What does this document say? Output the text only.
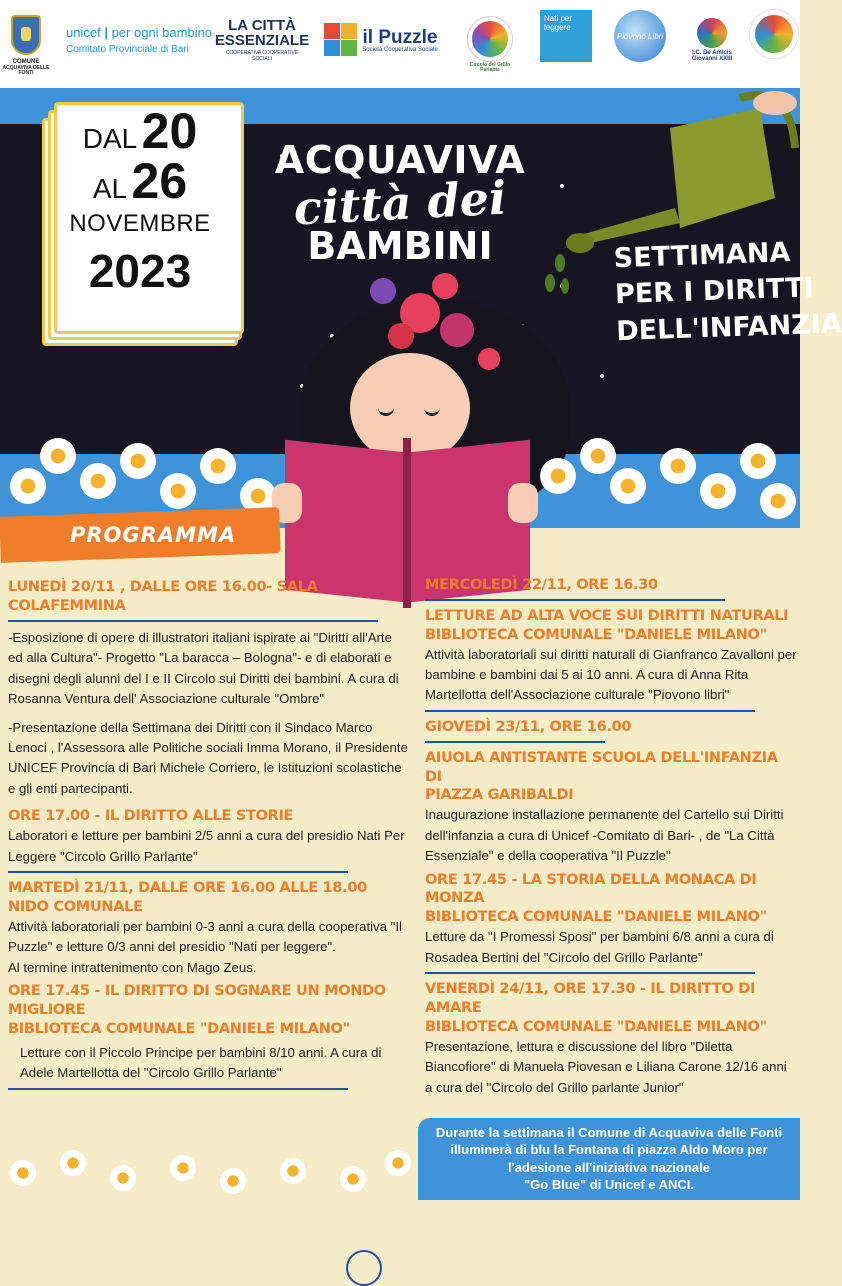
COMUNE
ACQUAVIVA DELLE FONTI
unicef | per ogni bambino
Comitato Provinciale di Bari
LA CITTÀ
ESSENZIALE
COOPERATIVA COOPERATIVE SOCIALI
il Puzzle
Società Cooperativa Sociale
Circolo del Grillo Parlante
Nati per leggere
Piovono Libri
I.C. De Amicis Giovanni XXIII
DAL 20
AL 26
NOVEMBRE
2023
ACQUAVIVA
città dei
BAMBINI	SETTIMANA
PER I DIRITTI
DELL'INFANZIA
PROGRAMMA
LUNEDÌ 20/11 , DALLE ORE 16.00- SALA COLAFEMMINA
-Esposizione di opere di illustratori italiani ispirate ai "Diritti all'Arte ed alla Cultura"- Progetto "La baracca – Bologna"- e di elaborati e disegni degli alunni del I e II Circolo sui Diritti dei bambini. A cura di Rosanna Ventura dell' Associazione culturale "Ombre"
-Presentazione della Settimana dei Diritti con il Sindaco Marco Lenoci , l'Assessora alle Politiche sociali Imma Morano, il Presidente UNICEF Provincia di Bari Michele Corriero, le Istituzioni scolastiche e gli enti partecipanti.
ORE 17.00 - IL DIRITTO ALLE STORIE
Laboratori e letture per bambini 2/5 anni a cura del presidio Nati Per Leggere "Circolo Grillo Parlante"
MARTEDÌ 21/11, DALLE ORE 16.00 ALLE 18.00
NIDO COMUNALE
Attività laboratoriali per bambini 0-3 anni a cura della cooperativa "Il Puzzle" e letture 0/3 anni del presidio "Nati per leggere".
Al termine intrattenimento con Mago Zeus.
ORE 17.45 - IL DIRITTO DI SOGNARE UN MONDO MIGLIORE
BIBLIOTECA COMUNALE "DANIELE MILANO"
Letture con il Piccolo Principe per bambini 8/10 anni. A cura di Adele Martellotta del "Circolo Grillo Parlante"
MERCOLEDÌ 22/11, ORE 16.30
LETTURE AD ALTA VOCE SUI DIRITTI NATURALI
BIBLIOTECA COMUNALE "DANIELE MILANO"
Attività laboratoriali sui diritti naturali di Gianfranco Zavalloni per bambine e bambini dai 5 ai 10 anni. A cura di Anna Rita Martellotta dell'Associazione culturale "Piovono libri"
GIOVEDÌ 23/11, ORE 16.00
AIUOLA ANTISTANTE SCUOLA DELL'INFANZIA DI
PIAZZA GARIBALDI
Inaugurazione installazione permanente del Cartello sui Diritti dell'infanzia a cura di Unicef -Comitato di Bari- , de "La Città Essenziale" e della cooperativa "Il Puzzle"
ORE 17.45 - LA STORIA DELLA MONACA DI MONZA
BIBLIOTECA COMUNALE "DANIELE MILANO"
Letture da "I Promessi Sposi" per bambini 6/8 anni a cura di Rosadea Bertini del "Circolo del Grillo Parlante"
VENERDÌ 24/11, ORE 17.30 - IL DIRITTO DI AMARE
BIBLIOTECA COMUNALE "DANIELE MILANO"
Presentazione, lettura e discussione del libro "Diletta Biancofiore" di Manuela Piovesan e Liliana Carone 12/16 anni a cura del "Circolo del Grillo parlante Junior"
Durante la settimana il Comune di Acquaviva delle Fonti
illuminerà di blu la Fontana di piazza Aldo Moro per
l'adesione all'iniziativa nazionale
"Go Blue" di Unicef e ANCI.
